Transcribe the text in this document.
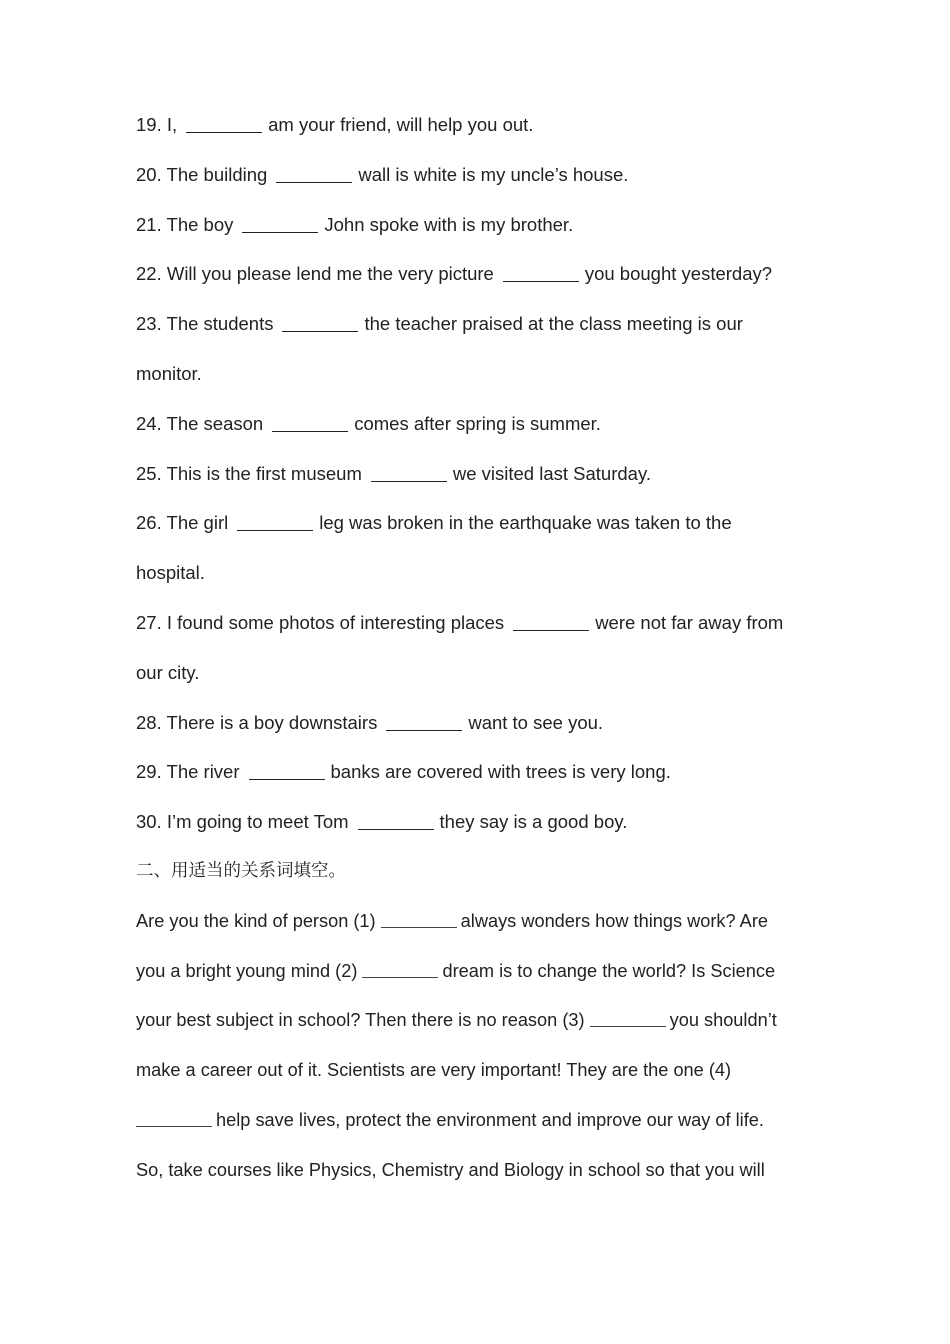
19. I,	am your friend, will help you out.
20. The building	wall is white is my uncle’s house.
21. The boy	John spoke with is my brother.
22. Will you please lend me the very picture	you bought yesterday?
23. The students	the teacher praised at the class meeting is our
monitor.
24. The season	comes after spring is summer.
25. This is the first museum	we visited last Saturday.
26. The girl	leg was broken in the earthquake was taken to the
hospital.
27. I found some photos of interesting places	were not far away from
our city.
28. There is a boy downstairs	want to see you.
29. The river	banks are covered with trees is very long.
30. I’m going to meet Tom	they say is a good boy.
二、用适当的关系词填空。
Are you the kind of person (1)	always wonders how things work? Are
you a bright young mind (2)	dream is to change the world? Is Science
your best subject in school? Then there is no reason (3)	you shouldn’t
make a career out of it. Scientists are very important! They are the one (4)
help save lives, protect the environment and improve our way of life.
So, take courses like Physics, Chemistry and Biology in school so that you will
